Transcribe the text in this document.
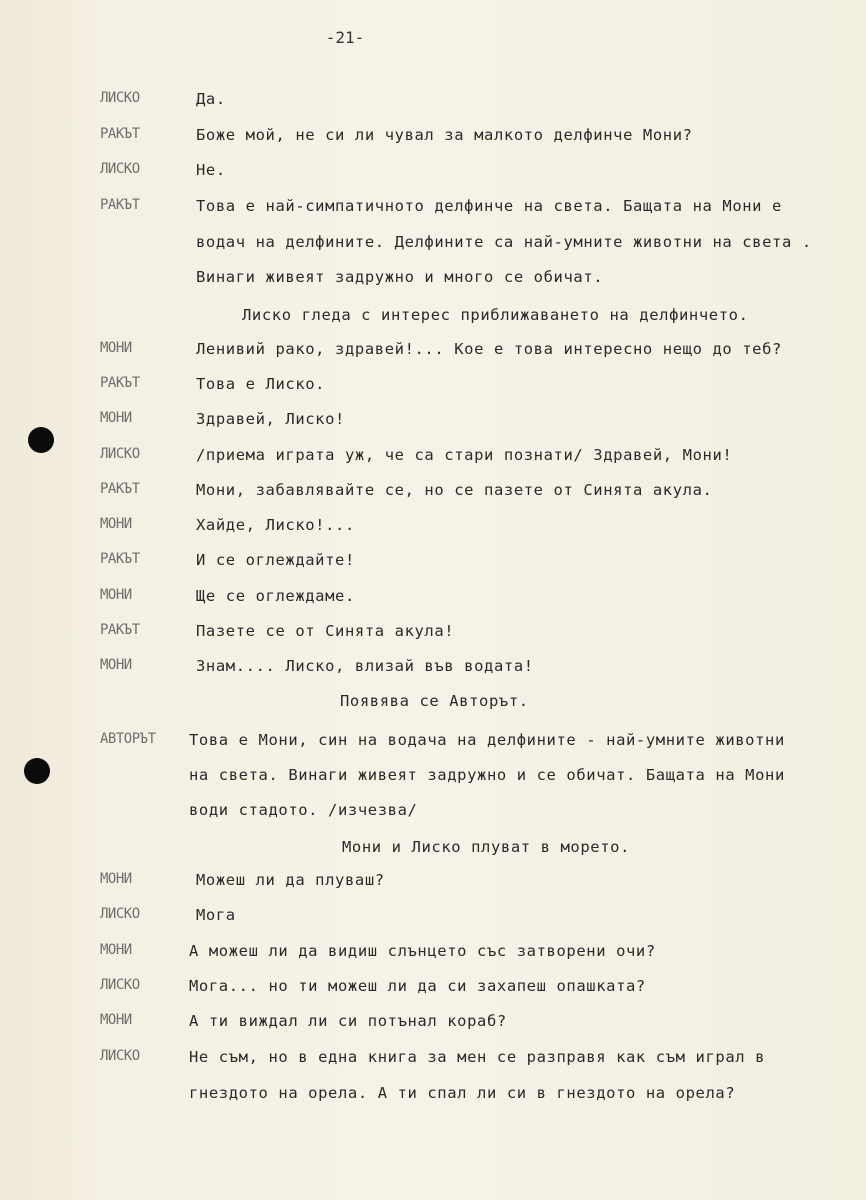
-21-
ЛИСКО	Да.
РАКЪТ	Боже мой, не си ли чувал за малкото делфинче Мони?
ЛИСКО	Не.
РАКЪТ	Това е най-симпатичното делфинче на света. Бащата на Мони е
водач на делфините. Делфините са най-умните животни на света .
Винаги живеят задружно и много се обичат.
Лиско гледа с интерес приближаването на делфинчето.
МОНИ	Ленивий рако, здравей!... Кое е това интересно нещо до теб?
РАКЪТ	Това е Лиско.
МОНИ	Здравей, Лиско!
ЛИСКО	/приема играта уж, че са стари познати/ Здравей, Мони!
РАКЪТ	Мони, забавлявайте се, но се пазете от Синята акула.
МОНИ	Хайде, Лиско!...
РАКЪТ	И се оглеждайте!
МОНИ	Ще се оглеждаме.
РАКЪТ	Пазете се от Синята акула!
МОНИ	Знам.... Лиско, влизай във водата!
Появява се Авторът.
АВТОРЪТ	Това е Мони, син на водача на делфините - най-умните животни
на света. Винаги живеят задружно и се обичат. Бащата на Мони
води стадото. /изчезва/
Мони и Лиско плуват в морето.
МОНИ	Можеш ли да плуваш?
ЛИСКО	Мога
МОНИ	А можеш ли да видиш слънцето със затворени очи?
ЛИСКО	Мога... но ти можеш ли да си захапеш опашката?
МОНИ	А ти виждал ли си потънал кораб?
ЛИСКО	Не съм, но в една книга за мен се разправя как съм играл в
гнездото на орела. А ти спал ли си в гнездото на орела?
